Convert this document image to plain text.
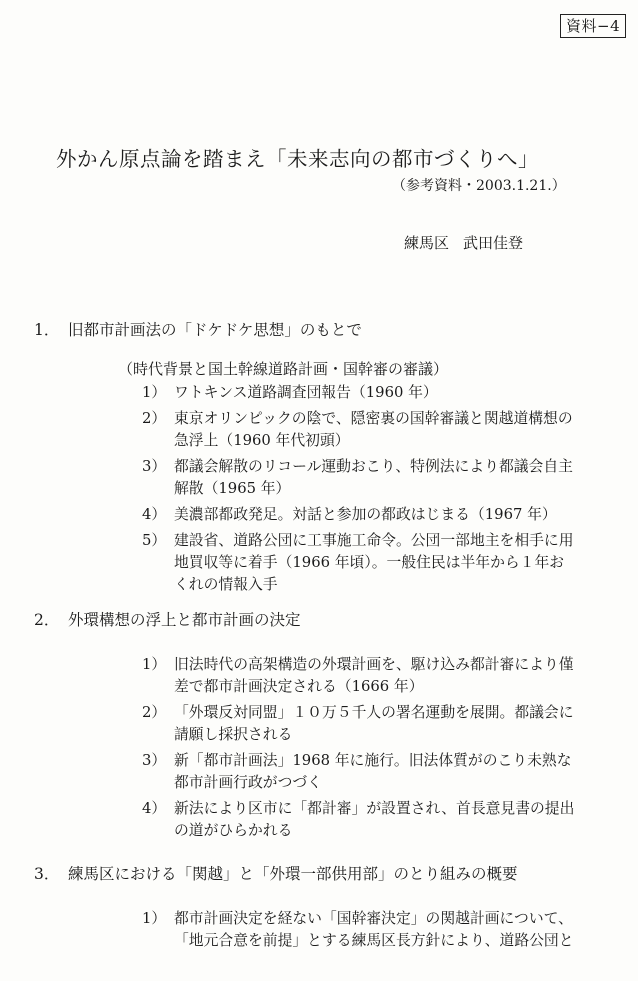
資料−4
外かん原点論を踏まえ「未来志向の都市づくりへ」
（参考資料・2003.1.21.）
練馬区 武田佳登
1． 旧都市計画法の「ドケドケ思想」のもとで
（時代背景と国土幹線道路計画・国幹審の審議）
1） ワトキンス道路調査団報告（1960 年）
2） 東京オリンピックの陰で、隠密裏の国幹審議と関越道構想の急浮上（1960 年代初頭）
3） 都議会解散のリコール運動おこり、特例法により都議会自主解散（1965 年）
4） 美濃部都政発足。対話と参加の都政はじまる（1967 年）
5） 建設省、道路公団に工事施工命令。公団一部地主を相手に用地買収等に着手（1966 年頃）。一般住民は半年から１年おくれの情報入手
2． 外環構想の浮上と都市計画の決定
1） 旧法時代の高架構造の外環計画を、駆け込み都計審により僅差で都市計画決定される（1666 年）
2） 「外環反対同盟」１０万５千人の署名運動を展開。都議会に請願し採択される
3） 新「都市計画法」1968 年に施行。旧法体質がのこり未熟な都市計画行政がつづく
4） 新法により区市に「都計審」が設置され、首長意見書の提出の道がひらかれる
3． 練馬区における「関越」と「外環一部供用部」のとり組みの概要
1） 都市計画決定を経ない「国幹審決定」の関越計画について、「地元合意を前提」とする練馬区長方針により、道路公団と
